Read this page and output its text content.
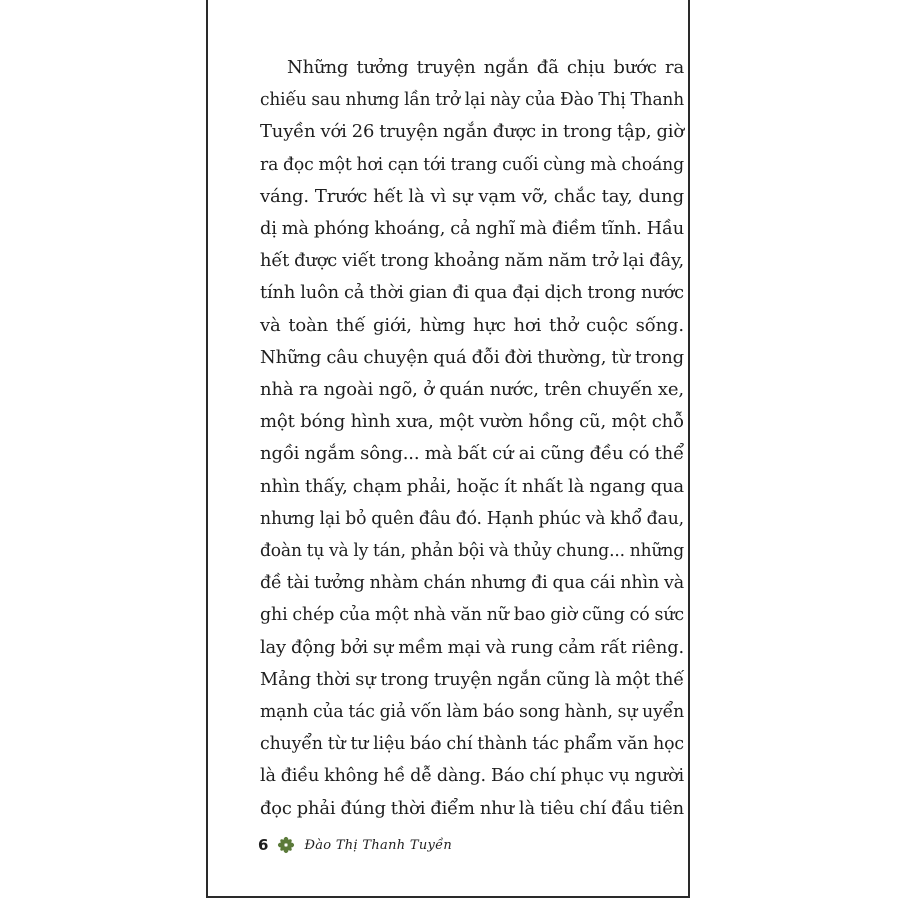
Những tưởng truyện ngắn đã chịu bước ra
chiếu sau nhưng lần trở lại này của Đào Thị Thanh
Tuyền với 26 truyện ngắn được in trong tập, giờ
ra đọc một hơi cạn tới trang cuối cùng mà choáng
váng. Trước hết là vì sự vạm vỡ, chắc tay, dung
dị mà phóng khoáng, cả nghĩ mà điềm tĩnh. Hầu
hết được viết trong khoảng năm năm trở lại đây,
tính luôn cả thời gian đi qua đại dịch trong nước
và toàn thế giới, hừng hực hơi thở cuộc sống.
Những câu chuyện quá đỗi đời thường, từ trong
nhà ra ngoài ngõ, ở quán nước, trên chuyến xe,
một bóng hình xưa, một vườn hồng cũ, một chỗ
ngồi ngắm sông... mà bất cứ ai cũng đều có thể
nhìn thấy, chạm phải, hoặc ít nhất là ngang qua
nhưng lại bỏ quên đâu đó. Hạnh phúc và khổ đau,
đoàn tụ và ly tán, phản bội và thủy chung... những
đề tài tưởng nhàm chán nhưng đi qua cái nhìn và
ghi chép của một nhà văn nữ bao giờ cũng có sức
lay động bởi sự mềm mại và rung cảm rất riêng.
Mảng thời sự trong truyện ngắn cũng là một thế
mạnh của tác giả vốn làm báo song hành, sự uyển
chuyển từ tư liệu báo chí thành tác phẩm văn học
là điều không hề dễ dàng. Báo chí phục vụ người
đọc phải đúng thời điểm như là tiêu chí đầu tiên
6	Đào Thị Thanh Tuyền
